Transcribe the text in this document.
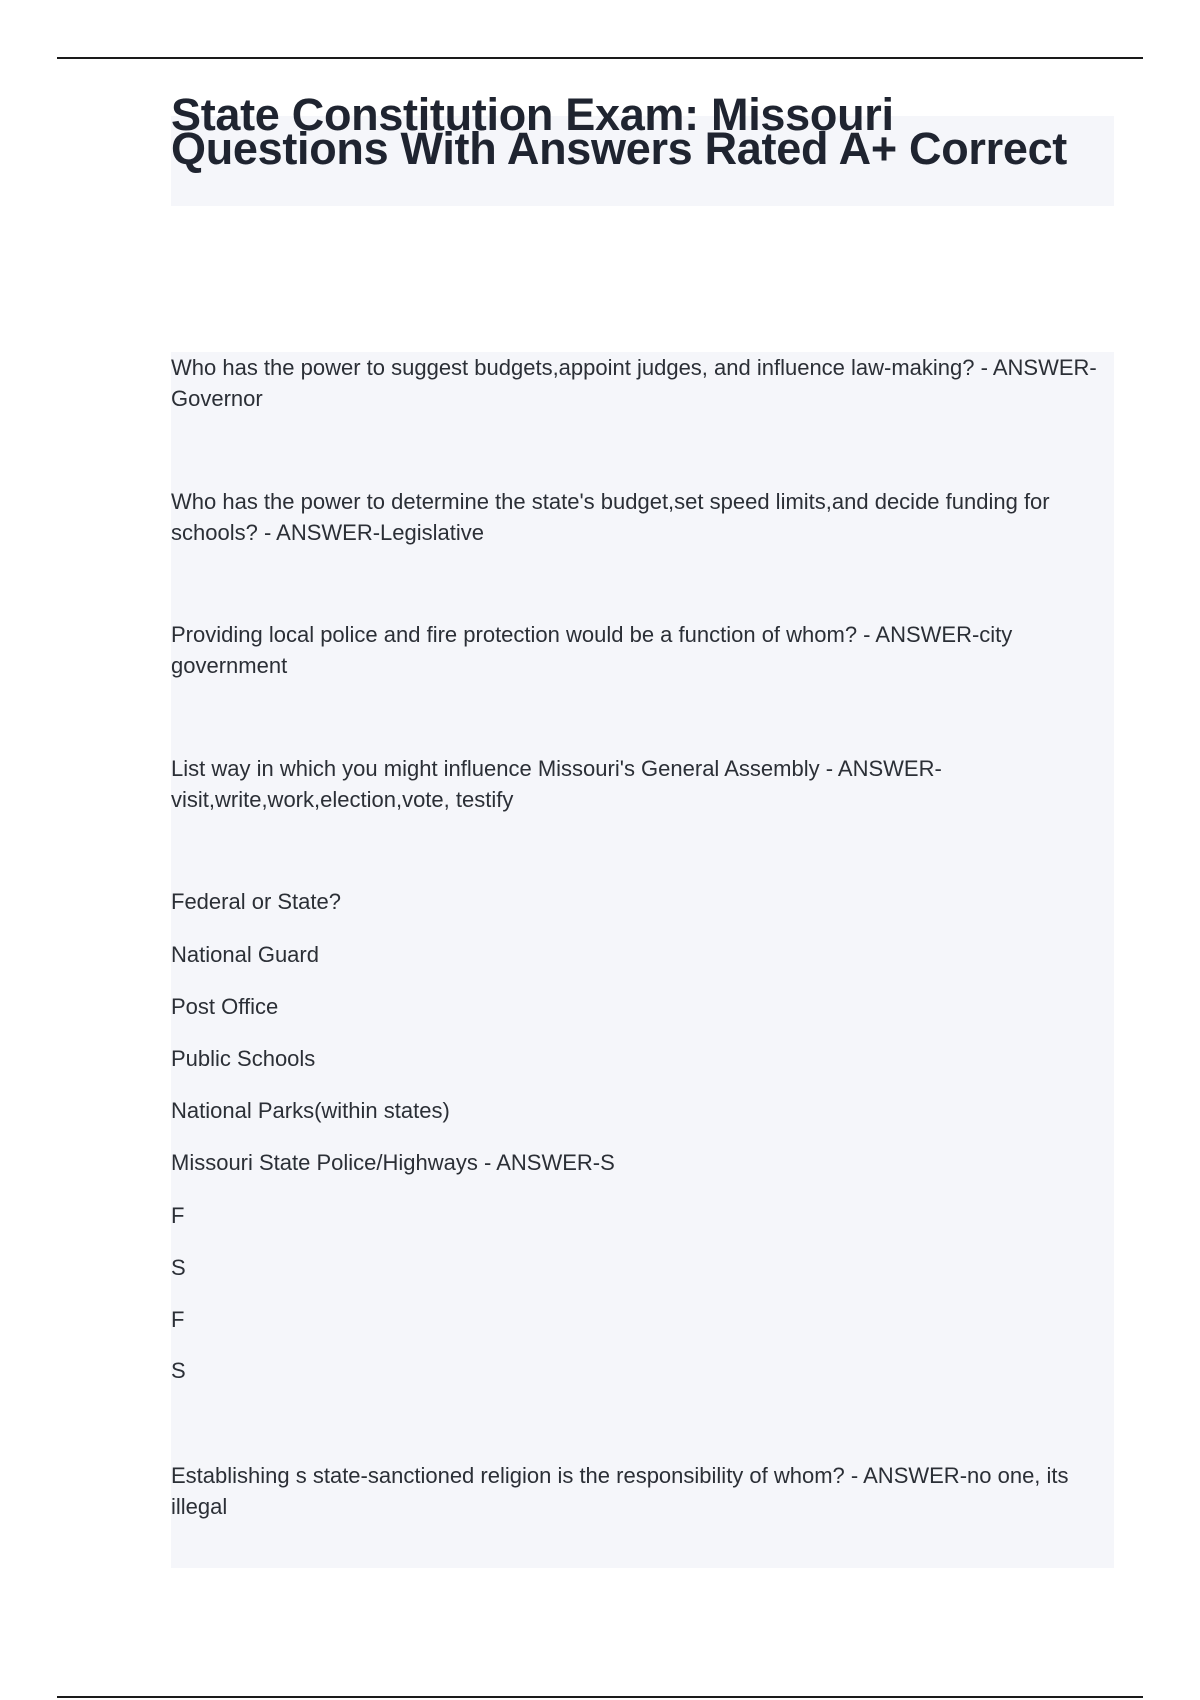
State Constitution Exam: Missouri Questions With Answers Rated A+ Correct

Who has the power to suggest budgets,appoint judges, and influence law-making? - ANSWER-Governor

Who has the power to determine the state's budget,set speed limits,and decide funding for schools? - ANSWER-Legislative

Providing local police and fire protection would be a function of whom? - ANSWER-city government

List way in which you might influence Missouri's General Assembly - ANSWER-visit,write,work,election,vote, testify

Federal or State?

National Guard

Post Office

Public Schools

National Parks(within states)

Missouri State Police/Highways - ANSWER-S

F

S

F

S

Establishing s state-sanctioned religion is the responsibility of whom? - ANSWER-no one, its illegal
